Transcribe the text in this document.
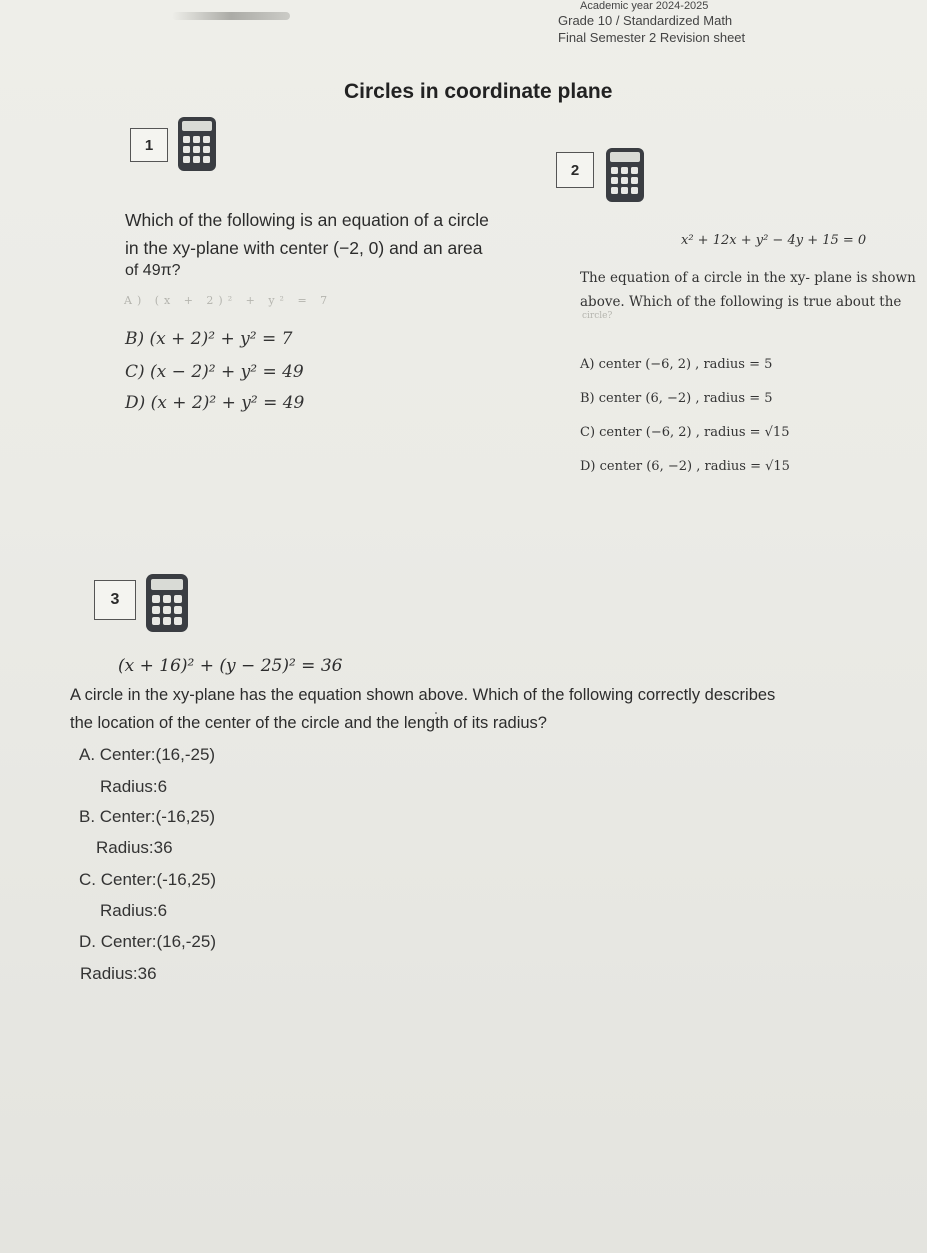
Academic year 2024-2025
Grade 10 / Standardized Math
Final Semester 2 Revision sheet
Circles in coordinate plane
1
Which of the following is an equation of a circle
in the xy-plane with center (−2, 0) and an area
of 49π?
A) (x + 2)² + y² = 7
B) (x + 2)² + y² = 7
C) (x − 2)² + y² = 49
D) (x + 2)² + y² = 49
2
x² + 12x + y² − 4y + 15 = 0
The equation of a circle in the xy- plane is shown
above. Which of the following is true about the
circle?
A) center (−6, 2) , radius = 5
B) center (6, −2) , radius = 5
C) center (−6, 2) , radius = √15
D) center (6, −2) , radius = √15
3
(x + 16)² + (y − 25)² = 36
A circle in the xy-plane has the equation shown above. Which of the following correctly describes
the location of the center of the circle and the length of its radius?
A. Center:(16,-25)
Radius:6
B. Center:(-16,25)
Radius:36
C. Center:(-16,25)
Radius:6
D. Center:(16,-25)
Radius:36
